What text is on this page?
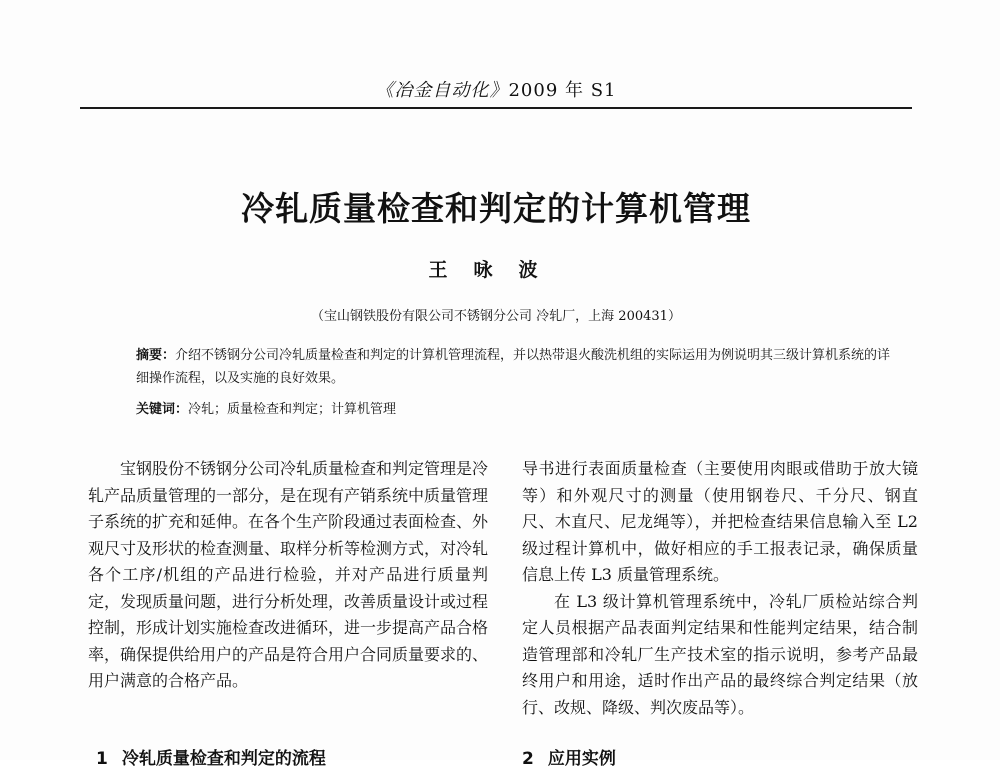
《冶金自动化》2009 年 S1
冷轧质量检查和判定的计算机管理
王咏波
（宝山钢铁股份有限公司不锈钢分公司 冷轧厂，上海 200431）
摘要：介绍不锈钢分公司冷轧质量检查和判定的计算机管理流程，并以热带退火酸洗机组的实际运用为例说明其三级计算机系统的详细操作流程，以及实施的良好效果。
关键词：冷轧；质量检查和判定；计算机管理

宝钢股份不锈钢分公司冷轧质量检查和判定管理是冷轧产品质量管理的一部分，是在现有产销系统中质量管理子系统的扩充和延伸。在各个生产阶段通过表面检查、外观尺寸及形状的检查测量、取样分析等检测方式，对冷轧各个工序/机组的产品进行检验，并对产品进行质量判定，发现质量问题，进行分析处理，改善质量设计或过程控制，形成计划实施检查改进循环，进一步提高产品合格率，确保提供给用户的产品是符合用户合同质量要求的、用户满意的合格产品。

导书进行表面质量检查（主要使用肉眼或借助于放大镜等）和外观尺寸的测量（使用钢卷尺、千分尺、钢直尺、木直尺、尼龙绳等），并把检查结果信息输入至 L2 级过程计算机中，做好相应的手工报表记录，确保质量信息上传 L3 质量管理系统。

在 L3 级计算机管理系统中，冷轧厂质检站综合判定人员根据产品表面判定结果和性能判定结果，结合制造管理部和冷轧厂生产技术室的指示说明，参考产品最终用户和用途，适时作出产品的最终综合判定结果（放行、改规、降级、判次废品等）。

1 冷轧质量检查和判定的流程	2 应用实例
